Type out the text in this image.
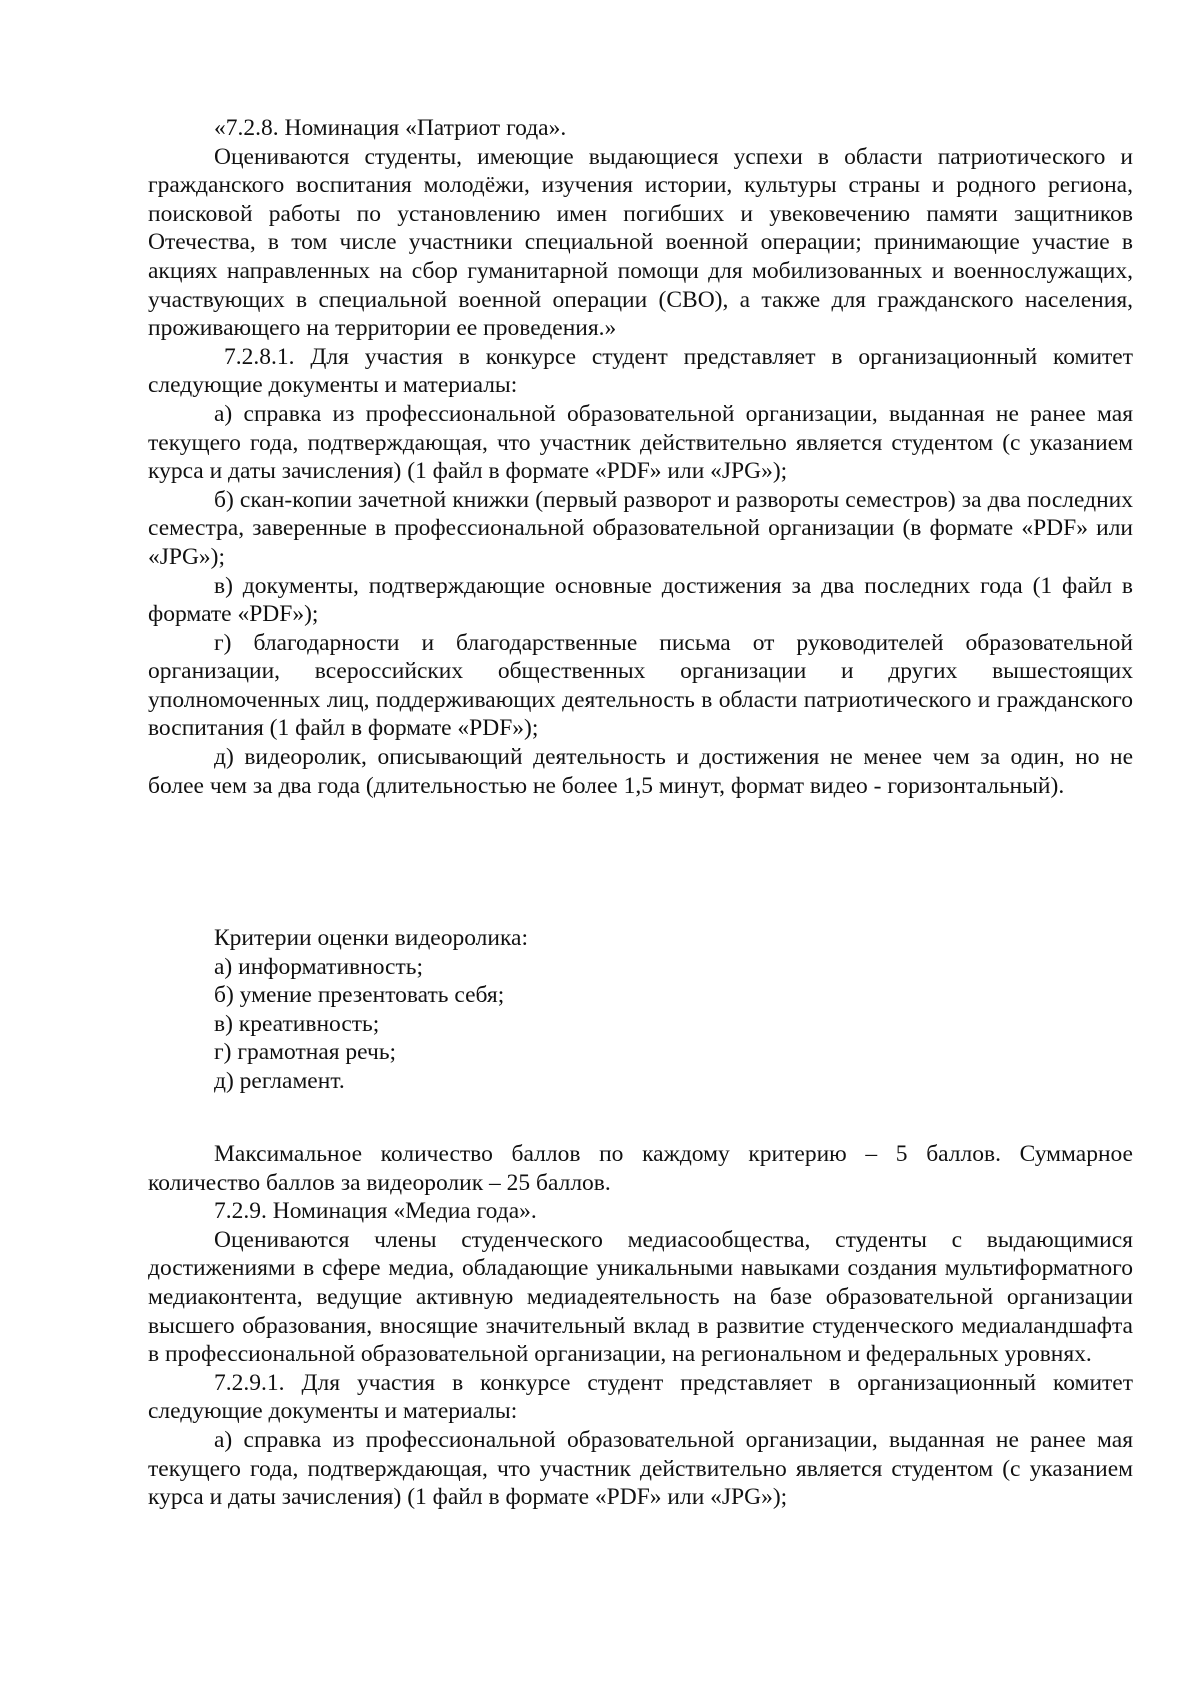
«7.2.8. Номинация «Патриот года».

Оцениваются студенты, имеющие выдающиеся успехи в области патриотического и гражданского воспитания молодёжи, изучения истории, культуры страны и родного региона, поисковой работы по установлению имен погибших и увековечению памяти защитников Отечества, в том числе участники специальной военной операции; принимающие участие в акциях направленных на сбор гуманитарной помощи для мобилизованных и военнослужащих, участвующих в специальной военной операции (СВО), а также для гражданского населения, проживающего на территории ее проведения.»

7.2.8.1. Для участия в конкурсе студент представляет в организационный комитет следующие документы и материалы:

а) справка из профессиональной образовательной организации, выданная не ранее мая текущего года, подтверждающая, что участник действительно является студентом (с указанием курса и даты зачисления) (1 файл в формате «PDF» или «JPG»);

б) скан-копии зачетной книжки (первый разворот и развороты семестров) за два последних семестра, заверенные в профессиональной образовательной организации (в формате «PDF» или «JPG»);

в) документы, подтверждающие основные достижения за два последних года (1 файл в формате «PDF»);

г) благодарности и благодарственные письма от руководителей образовательной организации, всероссийских общественных организации и других вышестоящих уполномоченных лиц, поддерживающих деятельность в области патриотического и гражданского воспитания (1 файл в формате «PDF»);

д) видеоролик, описывающий деятельность и достижения не менее чем за один, но не более чем за два года (длительностью не более 1,5 минут, формат видео - горизонтальный).

Критерии оценки видеоролика:

а) информативность;

б) умение презентовать себя;

в) креативность;

г) грамотная речь;

д) регламент.

Максимальное количество баллов по каждому критерию – 5 баллов. Суммарное количество баллов за видеоролик – 25 баллов.

7.2.9. Номинация «Медиа года».

Оцениваются члены студенческого медиасообщества, студенты с выдающимися достижениями в сфере медиа, обладающие уникальными навыками создания мультиформатного медиаконтента, ведущие активную медиадеятельность на базе образовательной организации высшего образования, вносящие значительный вклад в развитие студенческого медиаландшафта в профессиональной образовательной организации, на региональном и федеральных уровнях.

7.2.9.1. Для участия в конкурсе студент представляет в организационный комитет следующие документы и материалы:

а) справка из профессиональной образовательной организации, выданная не ранее мая текущего года, подтверждающая, что участник действительно является студентом (с указанием курса и даты зачисления) (1 файл в формате «PDF» или «JPG»);
